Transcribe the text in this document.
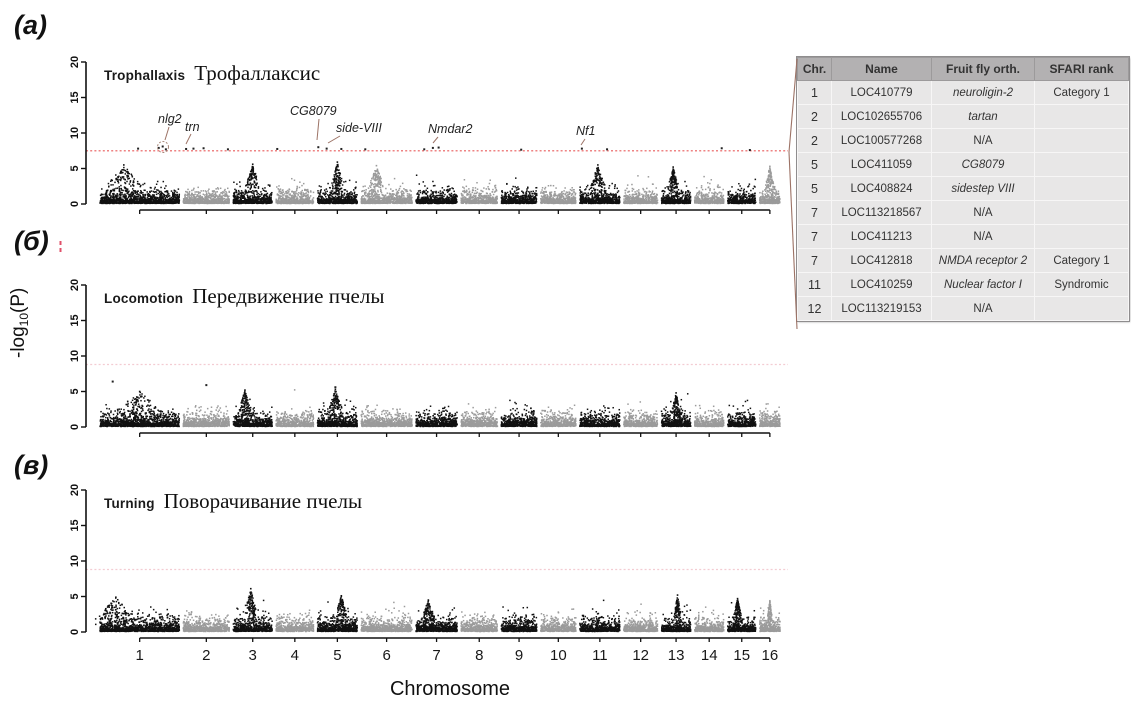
(а)
(б)
(в)
$-\log_{10}(P)$
Chromosome
Chr.	Name	Fruit fly orth.	SFARI rank
1	LOC410779	neuroligin-2	Category 1
2	LOC102655706	tartan	
2	LOC100577268	N/A	
5	LOC411059	CG8079	
5	LOC408824	sidestep VIII	
7	LOC113218567	N/A	
7	LOC411213	N/A	
7	LOC412818	NMDA receptor 2	Category 1
11	LOC410259	Nuclear factor I	Syndromic
12	LOC113219153	N/A	
nlg2
trn
CG8079
side-VIII	Nmdar2	Nf1
